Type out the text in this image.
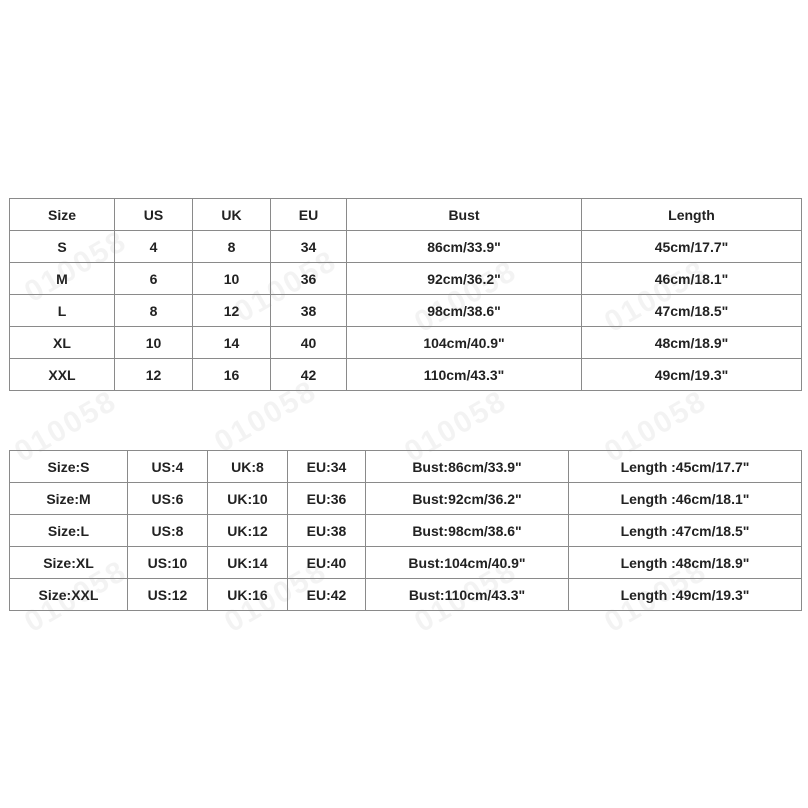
Size	US	UK	EU	Bust	Length
S	4	8	34	86cm/33.9"	45cm/17.7"
M	6	10	36	92cm/36.2"	46cm/18.1"
L	8	12	38	98cm/38.6"	47cm/18.5"
XL	10	14	40	104cm/40.9"	48cm/18.9"
XXL	12	16	42	110cm/43.3"	49cm/19.3"
Size:S	US:4	UK:8	EU:34	Bust:86cm/33.9"	Length :45cm/17.7"
Size:M	US:6	UK:10	EU:36	Bust:92cm/36.2"	Length :46cm/18.1"
Size:L	US:8	UK:12	EU:38	Bust:98cm/38.6"	Length :47cm/18.5"
Size:XL	US:10	UK:14	EU:40	Bust:104cm/40.9"	Length :48cm/18.9"
Size:XXL	US:12	UK:16	EU:42	Bust:110cm/43.3"	Length :49cm/19.3"
